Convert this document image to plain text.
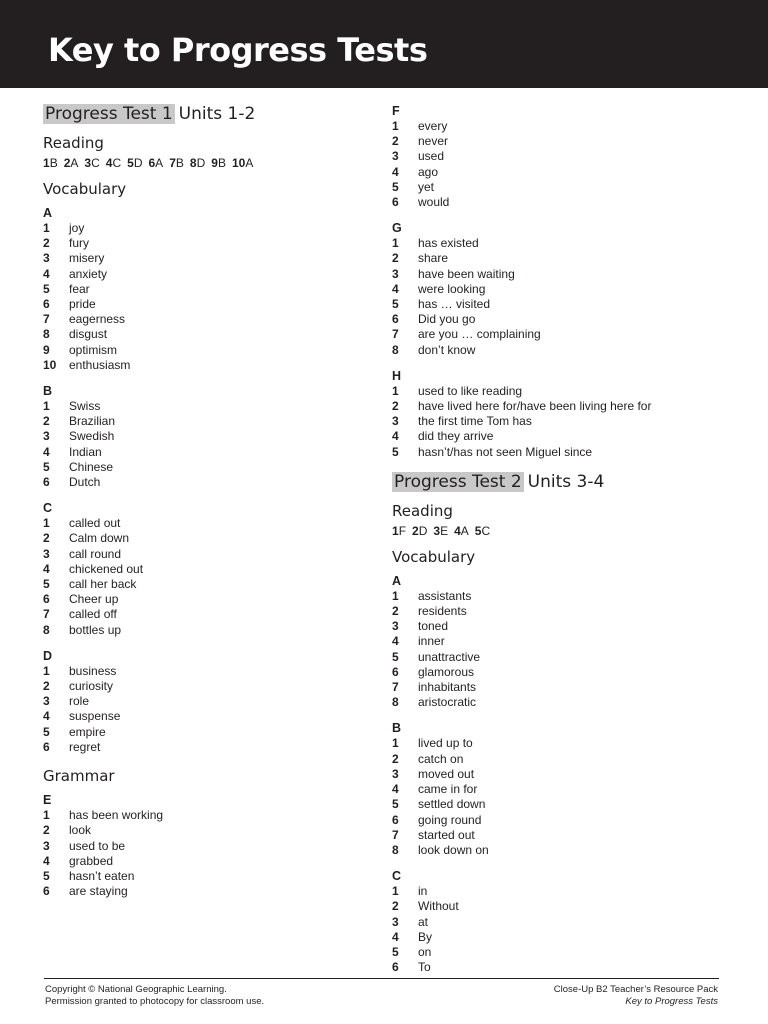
Key to Progress Tests
Progress Test 1 Units 1-2
Reading
1B 2A 3C 4C 5D 6A 7B 8D 9B 10A
Vocabulary
A
1	joy
2	fury
3	misery
4	anxiety
5	fear
6	pride
7	eagerness
8	disgust
9	optimism
10	enthusiasm
B
1	Swiss
2	Brazilian
3	Swedish
4	Indian
5	Chinese
6	Dutch
C
1	called out
2	Calm down
3	call round
4	chickened out
5	call her back
6	Cheer up
7	called off
8	bottles up
D
1	business
2	curiosity
3	role
4	suspense
5	empire
6	regret
Grammar
E
1	has been working
2	look
3	used to be
4	grabbed
5	hasn’t eaten
6	are staying
F
1	every
2	never
3	used
4	ago
5	yet
6	would
G
1	has existed
2	share
3	have been waiting
4	were looking
5	has … visited
6	Did you go
7	are you … complaining
8	don’t know
H
1	used to like reading
2	have lived here for/have been living here for
3	the first time Tom has
4	did they arrive
5	hasn’t/has not seen Miguel since
Progress Test 2 Units 3-4
Reading
1F 2D 3E 4A 5C
Vocabulary
A
1	assistants
2	residents
3	toned
4	inner
5	unattractive
6	glamorous
7	inhabitants
8	aristocratic
B
1	lived up to
2	catch on
3	moved out
4	came in for
5	settled down
6	going round
7	started out
8	look down on
C
1	in
2	Without
3	at
4	By
5	on
6	To
Copyright © National Geographic Learning.
Permission granted to photocopy for classroom use.
Close-Up B2 Teacher’s Resource Pack
Key to Progress Tests
